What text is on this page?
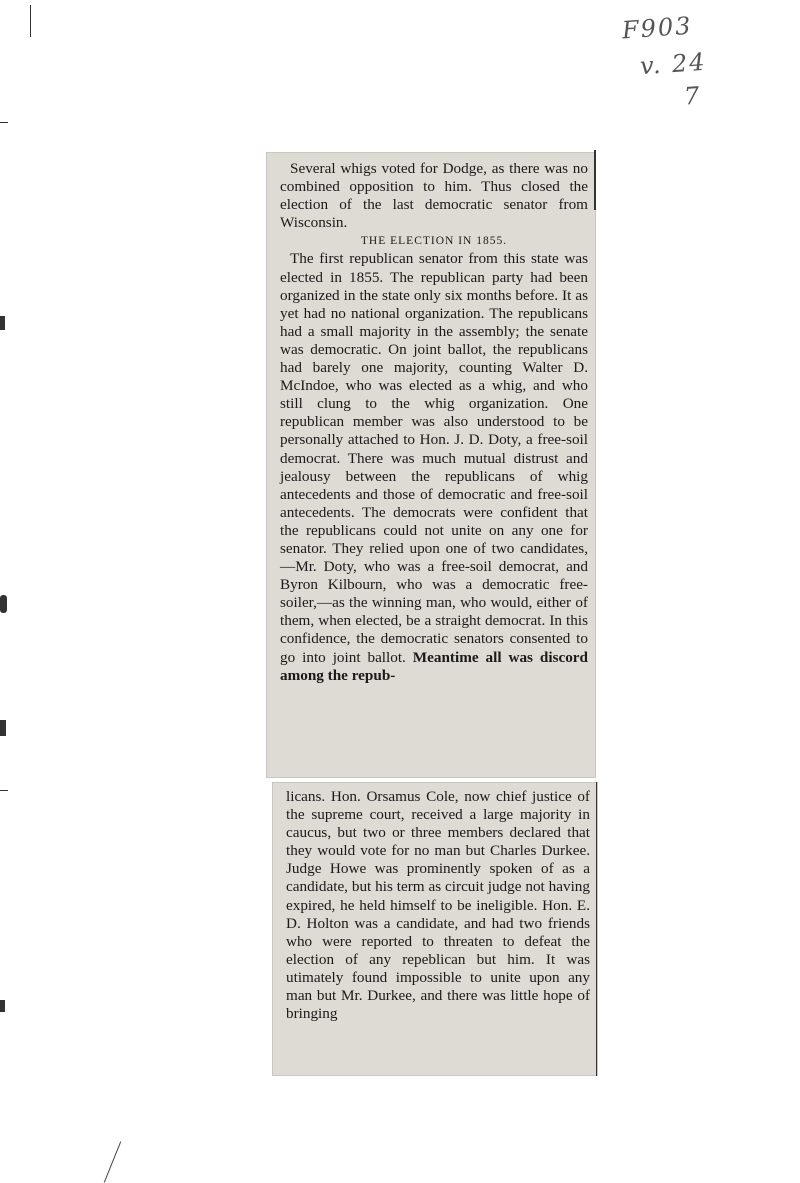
F903
v. 24
7

Several whigs voted for Dodge, as there was no combined opposition to him. Thus closed the election of the last democratic senator from Wisconsin.

THE ELECTION IN 1855.

The first republican senator from this state was elected in 1855. The republican party had been organized in the state only six months before. It as yet had no national organization. The republicans had a small majority in the assembly; the senate was democratic. On joint ballot, the republicans had barely one majority, counting Walter D. McIndoe, who was elected as a whig, and who still clung to the whig organization. One republican member was also understood to be personally attached to Hon. J. D. Doty, a free-soil democrat. There was much mutual distrust and jealousy between the republicans of whig antecedents and those of democratic and free-soil antecedents. The democrats were confident that the republicans could not unite on any one for senator. They relied upon one of two candidates,—Mr. Doty, who was a free-soil democrat, and Byron Kilbourn, who was a democratic free-soiler,—as the winning man, who would, either of them, when elected, be a straight democrat. In this confidence, the democratic senators consented to go into joint ballot. Meantime all was discord among the repub-

licans. Hon. Orsamus Cole, now chief justice of the supreme court, received a large majority in caucus, but two or three members declared that they would vote for no man but Charles Durkee. Judge Howe was prominently spoken of as a candidate, but his term as circuit judge not having expired, he held himself to be ineligible. Hon. E. D. Holton was a candidate, and had two friends who were reported to threaten to defeat the election of any repeblican but him. It was utimately found impossible to unite upon any man but Mr. Durkee, and there was little hope of bringing
